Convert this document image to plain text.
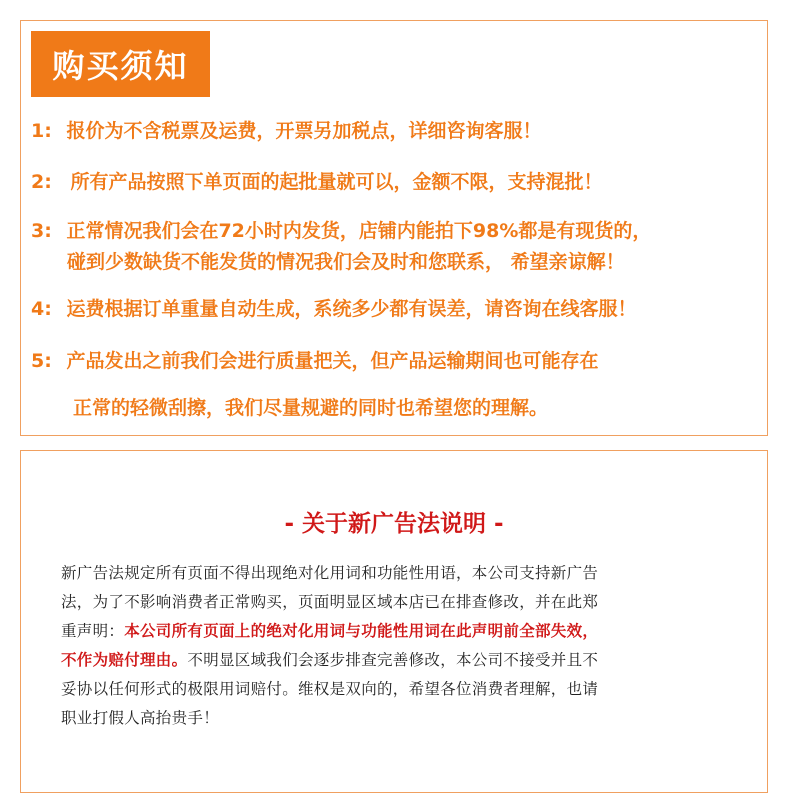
购买须知
1: 报价为不含税票及运费，开票另加税点，详细咨询客服！
2: 所有产品按照下单页面的起批量就可以，金额不限，支持混批！
3: 正常情况我们会在72小时内发货，店铺内能拍下98%都是有现货的，
碰到少数缺货不能发货的情况我们会及时和您联系， 希望亲谅解！
4: 运费根据订单重量自动生成，系统多少都有误差，请咨询在线客服！
5: 产品发出之前我们会进行质量把关，但产品运输期间也可能存在
正常的轻微刮擦，我们尽量规避的同时也希望您的理解。
- 关于新广告法说明 -
新广告法规定所有页面不得出现绝对化用词和功能性用语，本公司支持新广告
法，为了不影响消费者正常购买，页面明显区域本店已在排查修改，并在此郑
重声明：本公司所有页面上的绝对化用词与功能性用词在此声明前全部失效，
不作为赔付理由。不明显区域我们会逐步排查完善修改，本公司不接受并且不
妥协以任何形式的极限用词赔付。维权是双向的，希望各位消费者理解，也请
职业打假人高抬贵手！
